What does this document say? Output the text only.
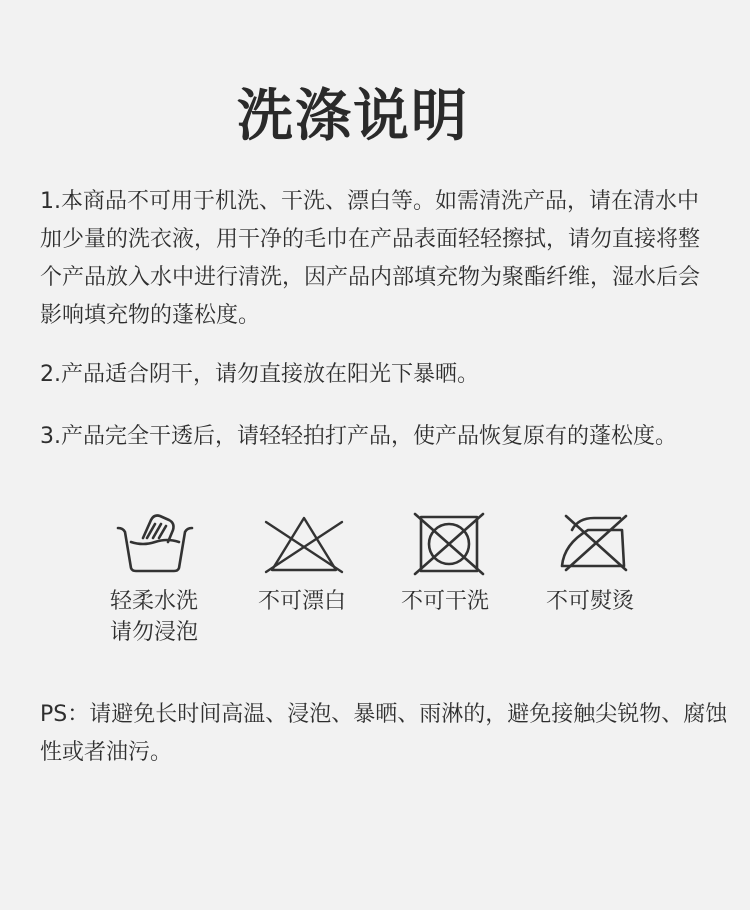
洗涤说明

1.本商品不可用于机洗、干洗、漂白等。如需清洗产品，请在清水中加少量的洗衣液，用干净的毛巾在产品表面轻轻擦拭，请勿直接将整个产品放入水中进行清洗，因产品内部填充物为聚酯纤维，湿水后会影响填充物的蓬松度。

2.产品适合阴干，请勿直接放在阳光下暴晒。

3.产品完全干透后，请轻轻拍打产品，使产品恢复原有的蓬松度。

轻柔水洗
请勿浸泡
不可漂白	不可干洗	不可熨烫

PS：请避免长时间高温、浸泡、暴晒、雨淋的，避免接触尖锐物、腐蚀性或者油污。
